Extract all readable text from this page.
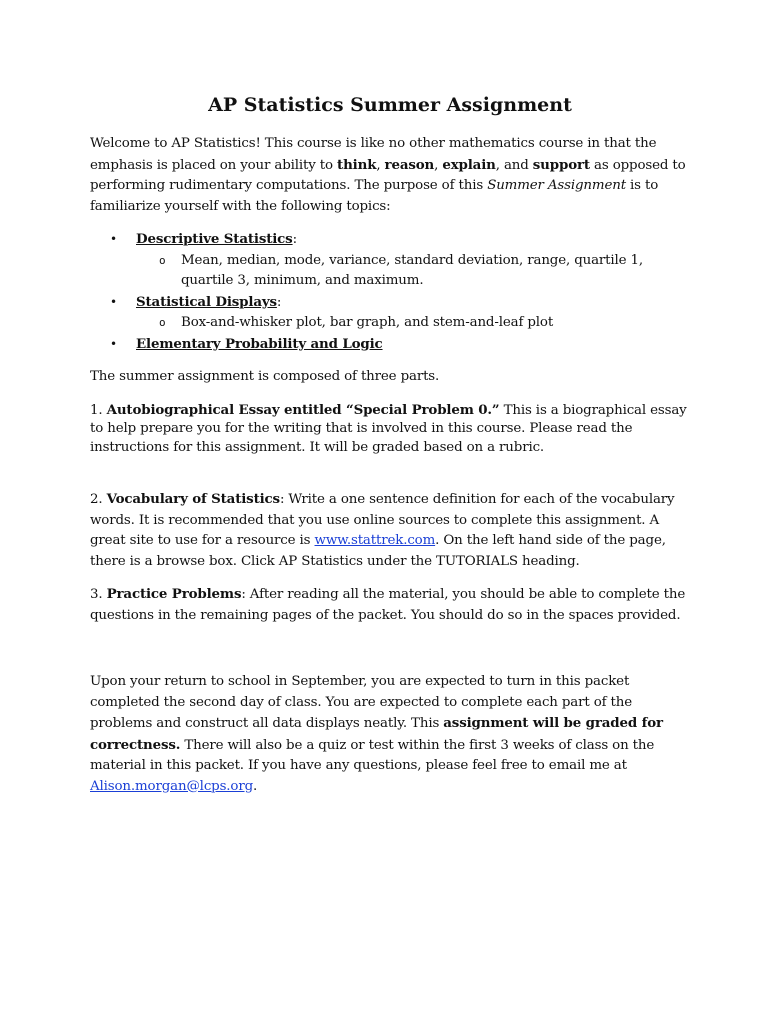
AP Statistics Summer Assignment

Welcome to AP Statistics! This course is like no other mathematics course in that the emphasis is placed on your ability to think, reason, explain, and support as opposed to performing rudimentary computations. The purpose of this Summer Assignment is to familiarize yourself with the following topics:

• Descriptive Statistics:
o Mean, median, mode, variance, standard deviation, range, quartile 1, quartile 3, minimum, and maximum.
• Statistical Displays:
o Box-and-whisker plot, bar graph, and stem-and-leaf plot
• Elementary Probability and Logic

The summer assignment is composed of three parts.

1. Autobiographical Essay entitled “Special Problem 0.” This is a biographical essay to help prepare you for the writing that is involved in this course. Please read the instructions for this assignment. It will be graded based on a rubric.

2. Vocabulary of Statistics: Write a one sentence definition for each of the vocabulary words. It is recommended that you use online sources to complete this assignment. A great site to use for a resource is www.stattrek.com. On the left hand side of the page, there is a browse box. Click AP Statistics under the TUTORIALS heading.

3. Practice Problems: After reading all the material, you should be able to complete the questions in the remaining pages of the packet. You should do so in the spaces provided.

Upon your return to school in September, you are expected to turn in this packet completed the second day of class. You are expected to complete each part of the problems and construct all data displays neatly. This assignment will be graded for correctness. There will also be a quiz or test within the first 3 weeks of class on the material in this packet. If you have any questions, please feel free to email me at Alison.morgan@lcps.org.
